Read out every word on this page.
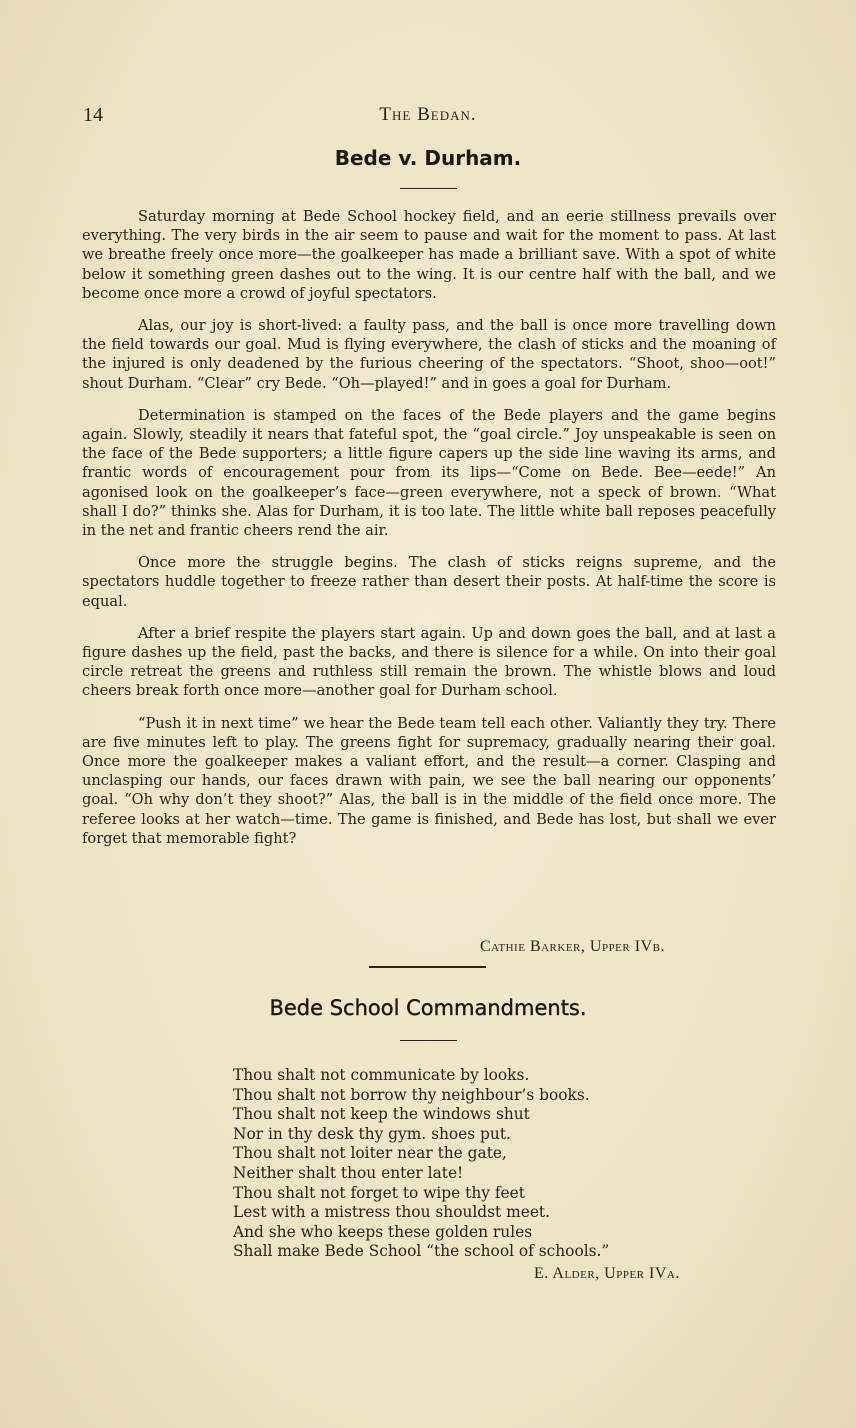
14	The Bedan.
Bede v. Durham.

Saturday morning at Bede School hockey field, and an eerie stillness prevails over everything. The very birds in the air seem to pause and wait for the moment to pass. At last we breathe freely once more—the goalkeeper has made a brilliant save. With a spot of white below it something green dashes out to the wing. It is our centre half with the ball, and we become once more a crowd of joyful spectators.

Alas, our joy is short-lived: a faulty pass, and the ball is once more travelling down the field towards our goal. Mud is flying everywhere, the clash of sticks and the moaning of the injured is only deadened by the furious cheering of the spectators. “Shoot, shoo—oot!” shout Durham. “Clear” cry Bede. “Oh—played!” and in goes a goal for Durham.

Determination is stamped on the faces of the Bede players and the game begins again. Slowly, steadily it nears that fateful spot, the “goal circle.” Joy unspeakable is seen on the face of the Bede supporters; a little figure capers up the side line waving its arms, and frantic words of encouragement pour from its lips—“Come on Bede. Bee—eede!” An agonised look on the goalkeeper’s face—green everywhere, not a speck of brown. “What shall I do?” thinks she. Alas for Durham, it is too late. The little white ball reposes peacefully in the net and frantic cheers rend the air.

Once more the struggle begins. The clash of sticks reigns supreme, and the spectators huddle together to freeze rather than desert their posts. At half-time the score is equal.

After a brief respite the players start again. Up and down goes the ball, and at last a figure dashes up the field, past the backs, and there is silence for a while. On into their goal circle retreat the greens and ruthless still remain the brown. The whistle blows and loud cheers break forth once more—another goal for Durham school.

“Push it in next time” we hear the Bede team tell each other. Valiantly they try. There are five minutes left to play. The greens fight for supremacy, gradually nearing their goal. Once more the goalkeeper makes a valiant effort, and the result—a corner. Clasping and unclasping our hands, our faces drawn with pain, we see the ball nearing our opponents’ goal. “Oh why don’t they shoot?” Alas, the ball is in the middle of the field once more. The referee looks at her watch—time. The game is finished, and Bede has lost, but shall we ever forget that memorable fight?

Cathie Barker, Upper IVb.
Bede School Commandments.
Thou shalt not communicate by looks.
Thou shalt not borrow thy neighbour’s books.
Thou shalt not keep the windows shut
Nor in thy desk thy gym. shoes put.
Thou shalt not loiter near the gate,
Neither shalt thou enter late!
Thou shalt not forget to wipe thy feet
Lest with a mistress thou shouldst meet.
And she who keeps these golden rules
Shall make Bede School “the school of schools.”
E. Alder, Upper IVa.
